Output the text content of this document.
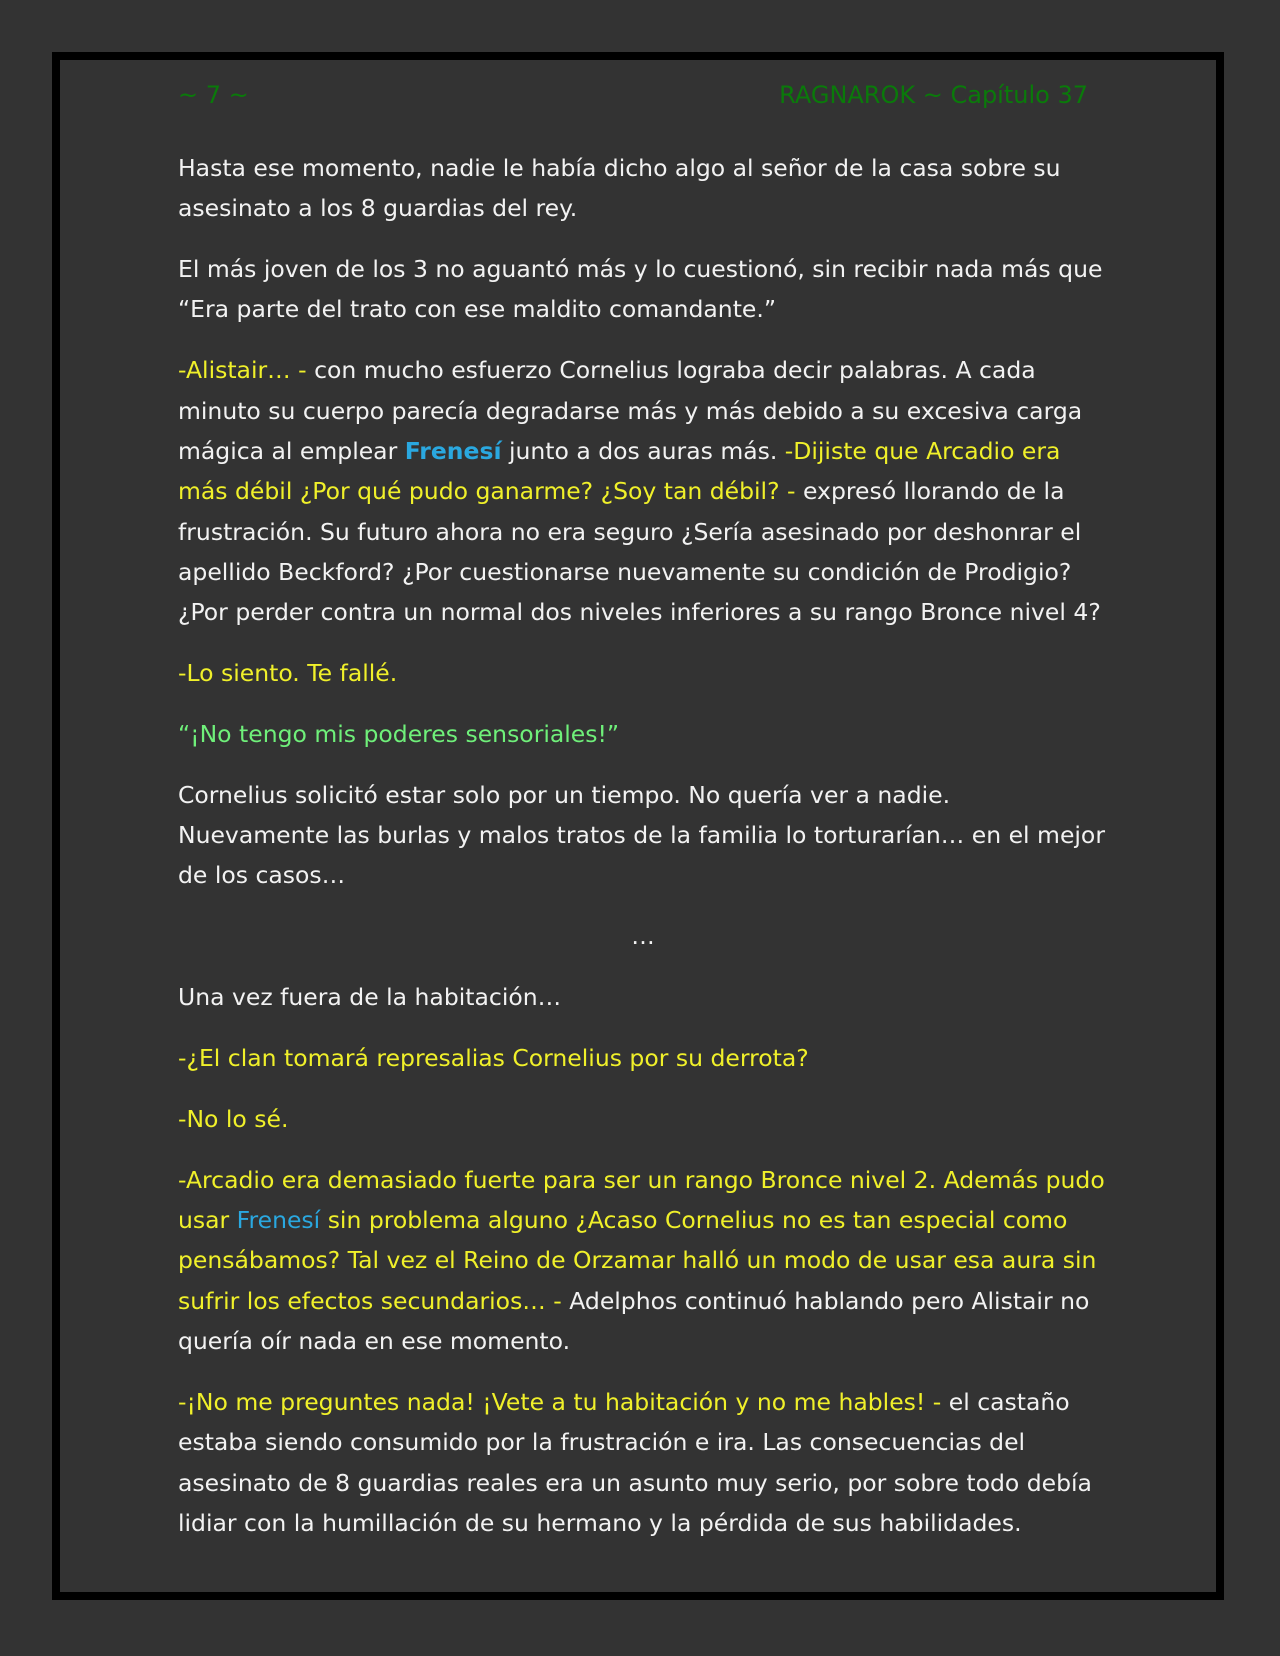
~ 7 ~	RAGNAROK ~ Capítulo 37

Hasta ese momento, nadie le había dicho algo al señor de la casa sobre su asesinato a los 8 guardias del rey.

El más joven de los 3 no aguantó más y lo cuestionó, sin recibir nada más que “Era parte del trato con ese maldito comandante.”

-Alistair… - con mucho esfuerzo Cornelius lograba decir palabras. A cada minuto su cuerpo parecía degradarse más y más debido a su excesiva carga mágica al emplear Frenesí junto a dos auras más. -Dijiste que Arcadio era más débil ¿Por qué pudo ganarme? ¿Soy tan débil? - expresó llorando de la frustración. Su futuro ahora no era seguro ¿Sería asesinado por deshonrar el apellido Beckford? ¿Por cuestionarse nuevamente su condición de Prodigio? ¿Por perder contra un normal dos niveles inferiores a su rango Bronce nivel 4?

-Lo siento. Te fallé.

“¡No tengo mis poderes sensoriales!”

Cornelius solicitó estar solo por un tiempo. No quería ver a nadie. Nuevamente las burlas y malos tratos de la familia lo torturarían… en el mejor de los casos…

…

Una vez fuera de la habitación…

-¿El clan tomará represalias Cornelius por su derrota?

-No lo sé.

-Arcadio era demasiado fuerte para ser un rango Bronce nivel 2. Además pudo usar Frenesí sin problema alguno ¿Acaso Cornelius no es tan especial como pensábamos? Tal vez el Reino de Orzamar halló un modo de usar esa aura sin sufrir los efectos secundarios… - Adelphos continuó hablando pero Alistair no quería oír nada en ese momento.

-¡No me preguntes nada! ¡Vete a tu habitación y no me hables! - el castaño estaba siendo consumido por la frustración e ira. Las consecuencias del asesinato de 8 guardias reales era un asunto muy serio, por sobre todo debía lidiar con la humillación de su hermano y la pérdida de sus habilidades.
